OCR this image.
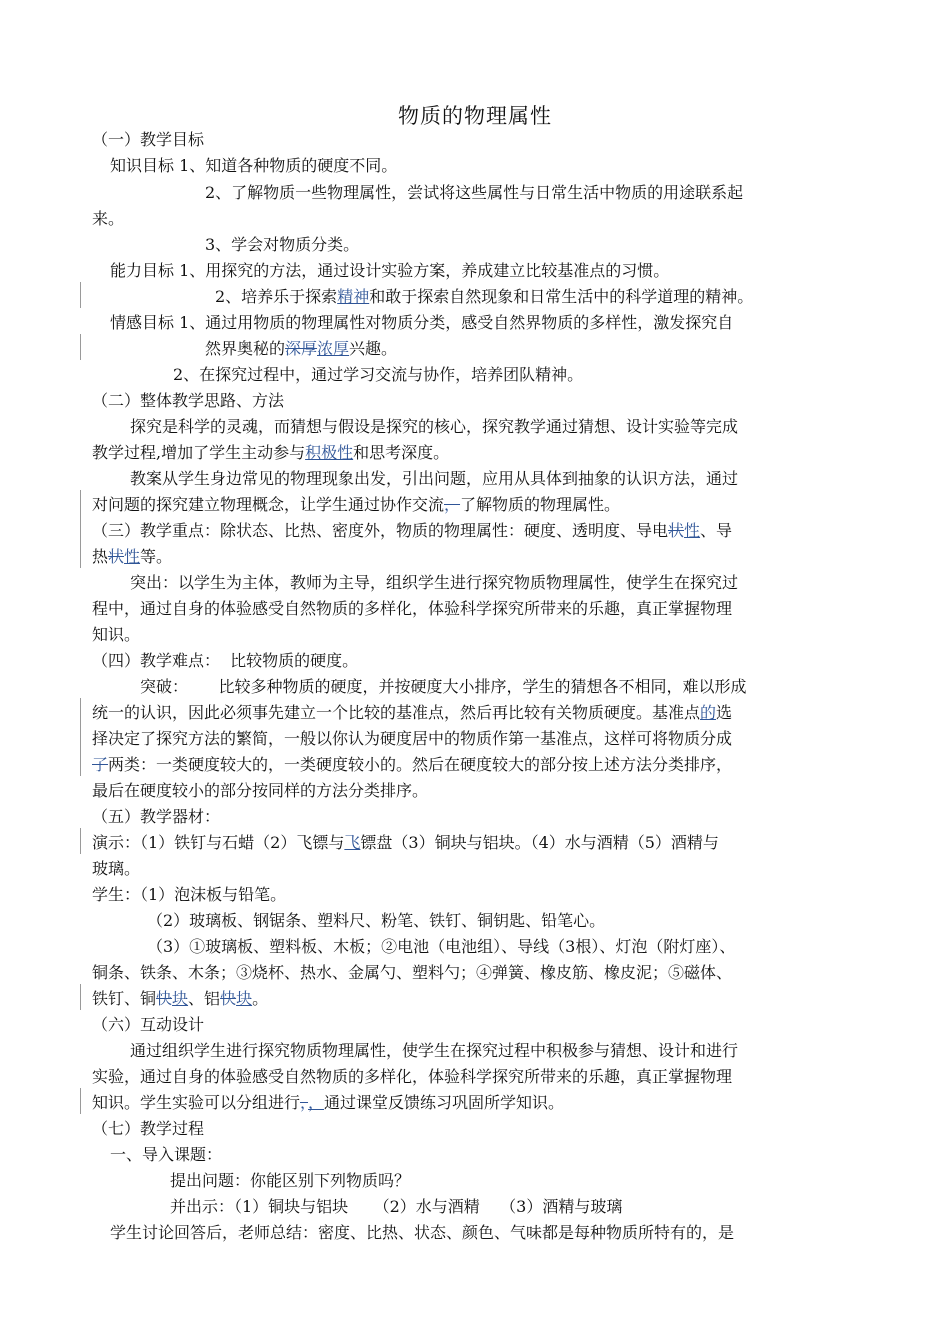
物质的物理属性
（一）教学目标
知识目标 1、知道各种物质的硬度不同。
2、了解物质一些物理属性，尝试将这些属性与日常生活中物质的用途联系起
来。
3、学会对物质分类。
能力目标 1、用探究的方法，通过设计实验方案，养成建立比较基准点的习惯。
2、培养乐于探索精神和敢于探索自然现象和日常生活中的科学道理的精神。
情感目标 1、通过用物质的物理属性对物质分类，感受自然界物质的多样性，激发探究自
然界奥秘的深厚浓厚兴趣。
2、在探究过程中，通过学习交流与协作，培养团队精神。
（二）整体教学思路、方法
探究是科学的灵魂，而猜想与假设是探究的核心，探究教学通过猜想、设计实验等完成
教学过程,增加了学生主动参与积极性和思考深度。
教案从学生身边常见的物理现象出发，引出问题，应用从具体到抽象的认识方法，通过
对问题的探究建立物理概念，让学生通过协作交流，了解物质的物理属性。
（三）教学重点：除状态、比热、密度外，物质的物理属性：硬度、透明度、导电状性、导
热状性等。
突出：以学生为主体，教师为主导，组织学生进行探究物质物理属性，使学生在探究过
程中，通过自身的体验感受自然物质的多样化，体验科学探究所带来的乐趣，真正掌握物理
知识。
（四）教学难点：  比较物质的硬度。
突破：      比较多种物质的硬度，并按硬度大小排序，学生的猜想各不相同，难以形成
统一的认识，因此必须事先建立一个比较的基准点，然后再比较有关物质硬度。基准点的选
择决定了探究方法的繁简，一般以你认为硬度居中的物质作第一基准点，这样可将物质分成
了两类：一类硬度较大的，一类硬度较小的。然后在硬度较大的部分按上述方法分类排序，
最后在硬度较小的部分按同样的方法分类排序。
（五）教学器材：
演示：（1）铁钉与石蜡（2）飞镖与飞镖盘（3）铜块与铝块。（4）水与酒精（5）酒精与
玻璃。
学生：（1）泡沫板与铅笔。
（2）玻璃板、钢锯条、塑料尺、粉笔、铁钉、铜钥匙、铅笔心。
（3）①玻璃板、塑料板、木板；②电池（电池组）、导线（3根）、灯泡（附灯座）、
铜条、铁条、木条；③烧杯、热水、金属勺、塑料勺；④弹簧、橡皮筋、橡皮泥；⑤磁体、
铁钉、铜快块、铝快块。
（六）互动设计
通过组织学生进行探究物质物理属性，使学生在探究过程中积极参与猜想、设计和进行
实验，通过自身的体验感受自然物质的多样化，体验科学探究所带来的乐趣，真正掌握物理
知识。学生实验可以分组进行，，通过课堂反馈练习巩固所学知识。
（七）教学过程
一、导入课题：
提出问题：你能区别下列物质吗？
并出示：（1）铜块与铝块     （2）水与酒精    （3）酒精与玻璃
学生讨论回答后，老师总结：密度、比热、状态、颜色、气味都是每种物质所特有的，是
